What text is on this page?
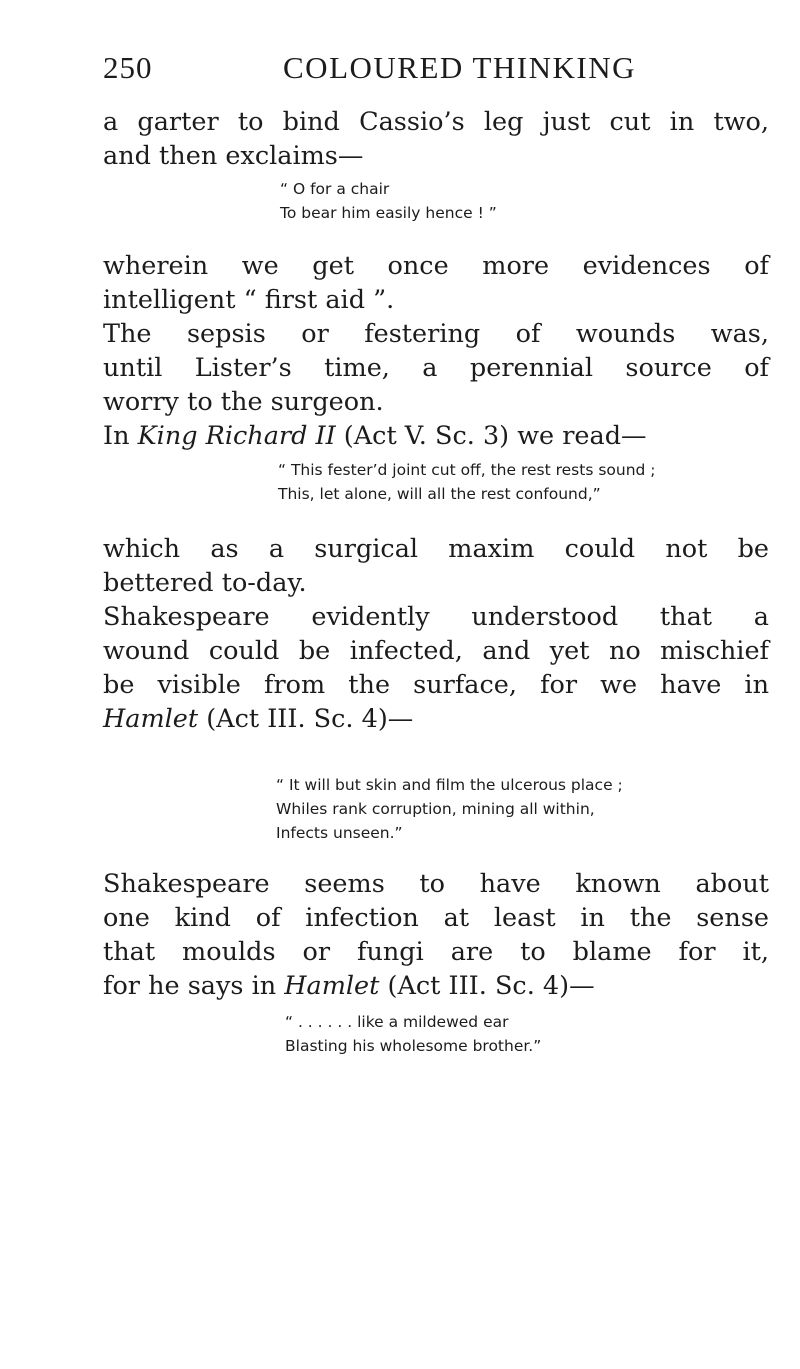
250	COLOURED THINKING
a garter to bind Cassio’s leg just cut in two,
and then exclaims—
“ O for a chair
To bear him easily hence ! ”
wherein we get once more evidences of
intelligent “ first aid ”.
The sepsis or festering of wounds was,
until Lister’s time, a perennial source of
worry to the surgeon.
In King Richard II (Act V. Sc. 3) we read—
“ This fester’d joint cut off, the rest rests sound ;
This, let alone, will all the rest confound,”
which as a surgical maxim could not be
bettered to-day.
Shakespeare evidently understood that a
wound could be infected, and yet no mischief
be visible from the surface, for we have in
Hamlet (Act III. Sc. 4)—
“ It will but skin and film the ulcerous place ;
Whiles rank corruption, mining all within,
Infects unseen.”
Shakespeare seems to have known about
one kind of infection at least in the sense
that moulds or fungi are to blame for it,
for he says in Hamlet (Act III. Sc. 4)—
“ . . . . . . like a mildewed ear
Blasting his wholesome brother.”
